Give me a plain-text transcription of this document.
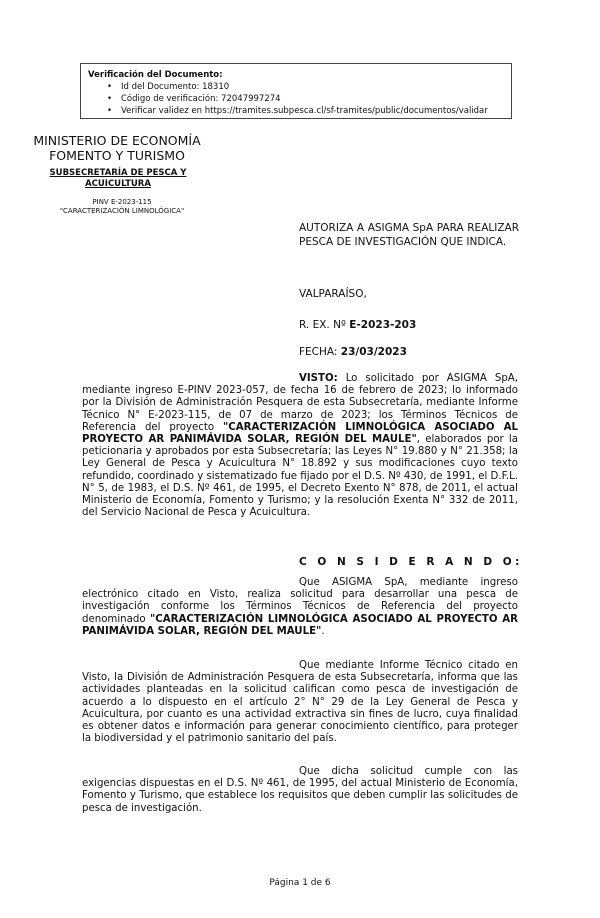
Verificación del Documento:
• Id del Documento: 18310
• Código de verificación: 72047997274
• Verificar validez en https://tramites.subpesca.cl/sf-tramites/public/documentos/validar
MINISTERIO DE ECONOMÍA
FOMENTO Y TURISMO
SUBSECRETARÍA DE PESCA Y ACUICULTURA
PINV E-2023-115 "CARACTERIZACIÓN LIMNOLÓGICA"
AUTORIZA A ASIGMA SpA PARA REALIZAR PESCA DE INVESTIGACIÓN QUE INDICA.
VALPARAÍSO,
R. EX. Nº E-2023-203
FECHA: 23/03/2023

VISTO: Lo solicitado por ASIGMA SpA, mediante ingreso E-PINV 2023-057, de fecha 16 de febrero de 2023; lo informado por la División de Administración Pesquera de esta Subsecretaría, mediante Informe Técnico N° E-2023-115, de 07 de marzo de 2023; los Términos Técnicos de Referencia del proyecto "CARACTERIZACIÓN LIMNOLÓGICA ASOCIADO AL PROYECTO AR PANIMÁVIDA SOLAR, REGIÓN DEL MAULE", elaborados por la peticionaria y aprobados por esta Subsecretaría; las Leyes N° 19.880 y N° 21.358; la Ley General de Pesca y Acuicultura N° 18.892 y sus modificaciones cuyo texto refundido, coordinado y sistematizado fue fijado por el D.S. Nº 430, de 1991, el D.F.L. N° 5, de 1983, el D.S. Nº 461, de 1995, el Decreto Exento N° 878, de 2011, el actual Ministerio de Economía, Fomento y Turismo; y la resolución Exenta N° 332 de 2011, del Servicio Nacional de Pesca y Acuicultura.

C O N S I D E R A N D O:

Que ASIGMA SpA, mediante ingreso electrónico citado en Visto, realiza solicitud para desarrollar una pesca de investigación conforme los Términos Técnicos de Referencia del proyecto denominado "CARACTERIZACIÓN LIMNOLÓGICA ASOCIADO AL PROYECTO AR PANIMÁVIDA SOLAR, REGIÓN DEL MAULE".

Que mediante Informe Técnico citado en Visto, la División de Administración Pesquera de esta Subsecretaría, informa que las actividades planteadas en la solicitud califican como pesca de investigación de acuerdo a lo dispuesto en el artículo 2° N° 29 de la Ley General de Pesca y Acuicultura, por cuanto es una actividad extractiva sin fines de lucro, cuya finalidad es obtener datos e información para generar conocimiento científico, para proteger la biodiversidad y el patrimonio sanitario del país.

Que dicha solicitud cumple con las exigencias dispuestas en el D.S. Nº 461, de 1995, del actual Ministerio de Economía, Fomento y Turismo, que establece los requisitos que deben cumplir las solicitudes de pesca de investigación.

Página 1 de 6
